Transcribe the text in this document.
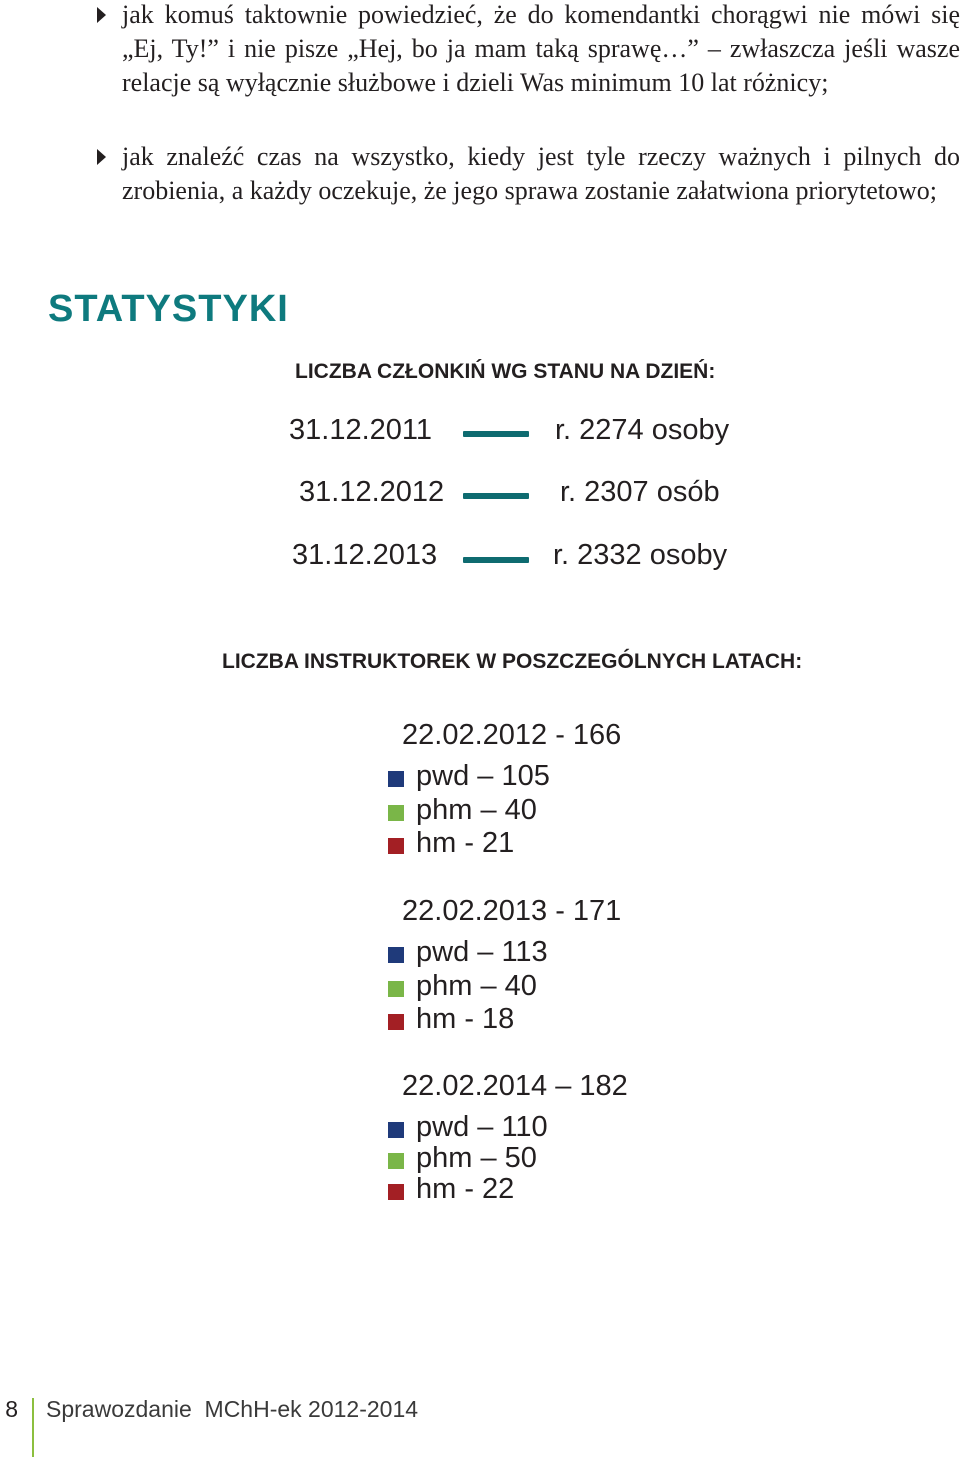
jak komuś taktownie powiedzieć, że do komendantki chorągwi nie mówi się „Ej, Ty!” i nie pisze „Hej, bo ja mam taką sprawę…” – zwłaszcza jeśli wasze relacje są wyłącznie służbowe i dzieli Was minimum 10 lat różnicy;
jak znaleźć czas na wszystko, kiedy jest tyle rzeczy ważnych i pilnych do zrobienia, a każdy oczekuje, że jego sprawa zostanie załatwiona priorytetowo;
STATYSTYKI
LICZBA CZŁONKIŃ WG STANU NA DZIEŃ:
31.12.2011	r. 2274 osoby
31.12.2012	r. 2307 osób
31.12.2013	r. 2332 osoby
LICZBA INSTRUKTOREK W POSZCZEGÓLNYCH LATACH:
22.02.2012 - 166
pwd – 105
phm – 40
hm - 21
22.02.2013 - 171
pwd – 113
phm – 40
hm - 18
22.02.2014 – 182
pwd – 110
phm – 50
hm - 22
8 Sprawozdanie  MChH-ek 2012-2014
